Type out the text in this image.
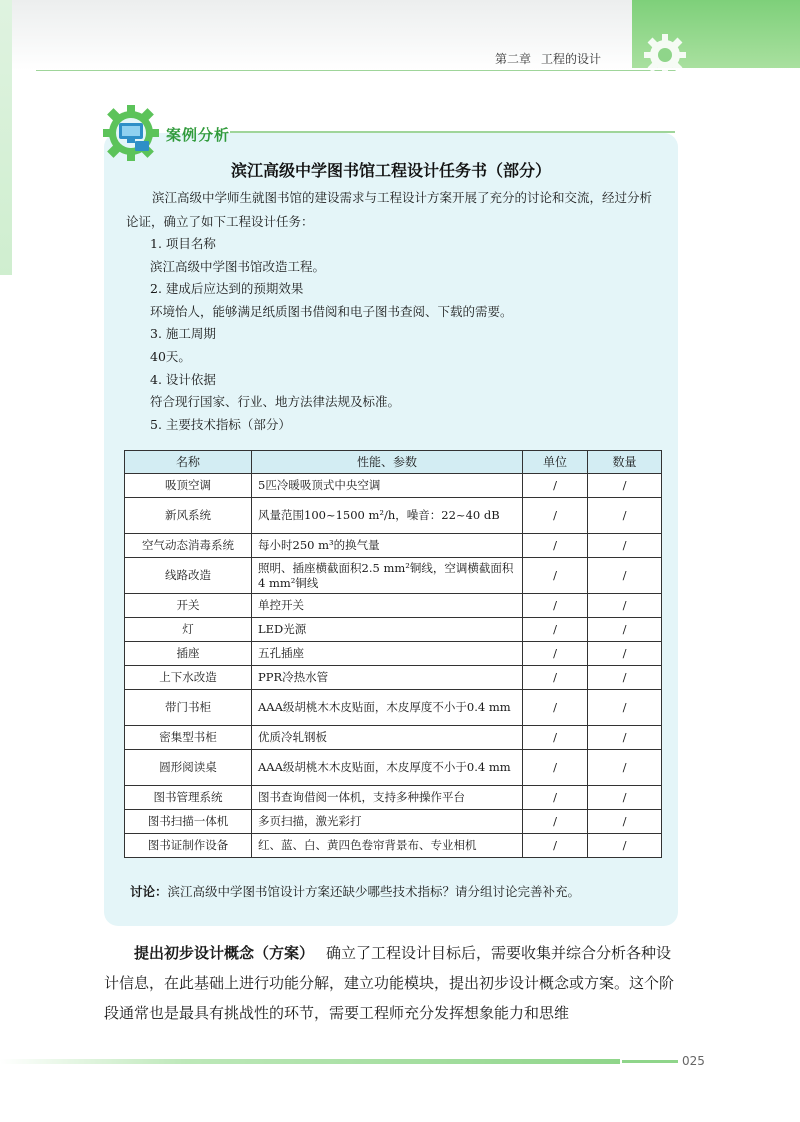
第二章 工程的设计
案例分析
滨江高级中学图书馆工程设计任务书（部分）
滨江高级中学师生就图书馆的建设需求与工程设计方案开展了充分的讨论和交流，经过分析论证，确立了如下工程设计任务：
1. 项目名称
滨江高级中学图书馆改造工程。
2. 建成后应达到的预期效果
环境怡人，能够满足纸质图书借阅和电子图书查阅、下载的需要。
3. 施工周期
40天。
4. 设计依据
符合现行国家、行业、地方法律法规及标准。
5. 主要技术指标（部分）
名称	性能、参数	单位	数量
吸顶空调	5匹冷暖吸顶式中央空调	/	/
新风系统	风量范围100~1500 m²/h，噪音：22~40 dB	/	/
空气动态消毒系统	每小时250 m³的换气量	/	/
线路改造	照明、插座横截面积2.5 mm²铜线，空调横截面积4 mm²铜线	/	/
开关	单控开关	/	/
灯	LED光源	/	/
插座	五孔插座	/	/
上下水改造	PPR冷热水管	/	/
带门书柜	AAA级胡桃木木皮贴面，木皮厚度不小于0.4 mm	/	/
密集型书柜	优质冷轧钢板	/	/
圆形阅读桌	AAA级胡桃木木皮贴面，木皮厚度不小于0.4 mm	/	/
图书管理系统	图书查询借阅一体机，支持多种操作平台	/	/
图书扫描一体机	多页扫描，激光彩打	/	/
图书证制作设备	红、蓝、白、黄四色卷帘背景布、专业相机	/	/
讨论：滨江高级中学图书馆设计方案还缺少哪些技术指标？请分组讨论完善补充。
提出初步设计概念（方案） 确立了工程设计目标后，需要收集并综合分析各种设计信息，在此基础上进行功能分解，建立功能模块，提出初步设计概念或方案。这个阶段通常也是最具有挑战性的环节，需要工程师充分发挥想象能力和思维
025
